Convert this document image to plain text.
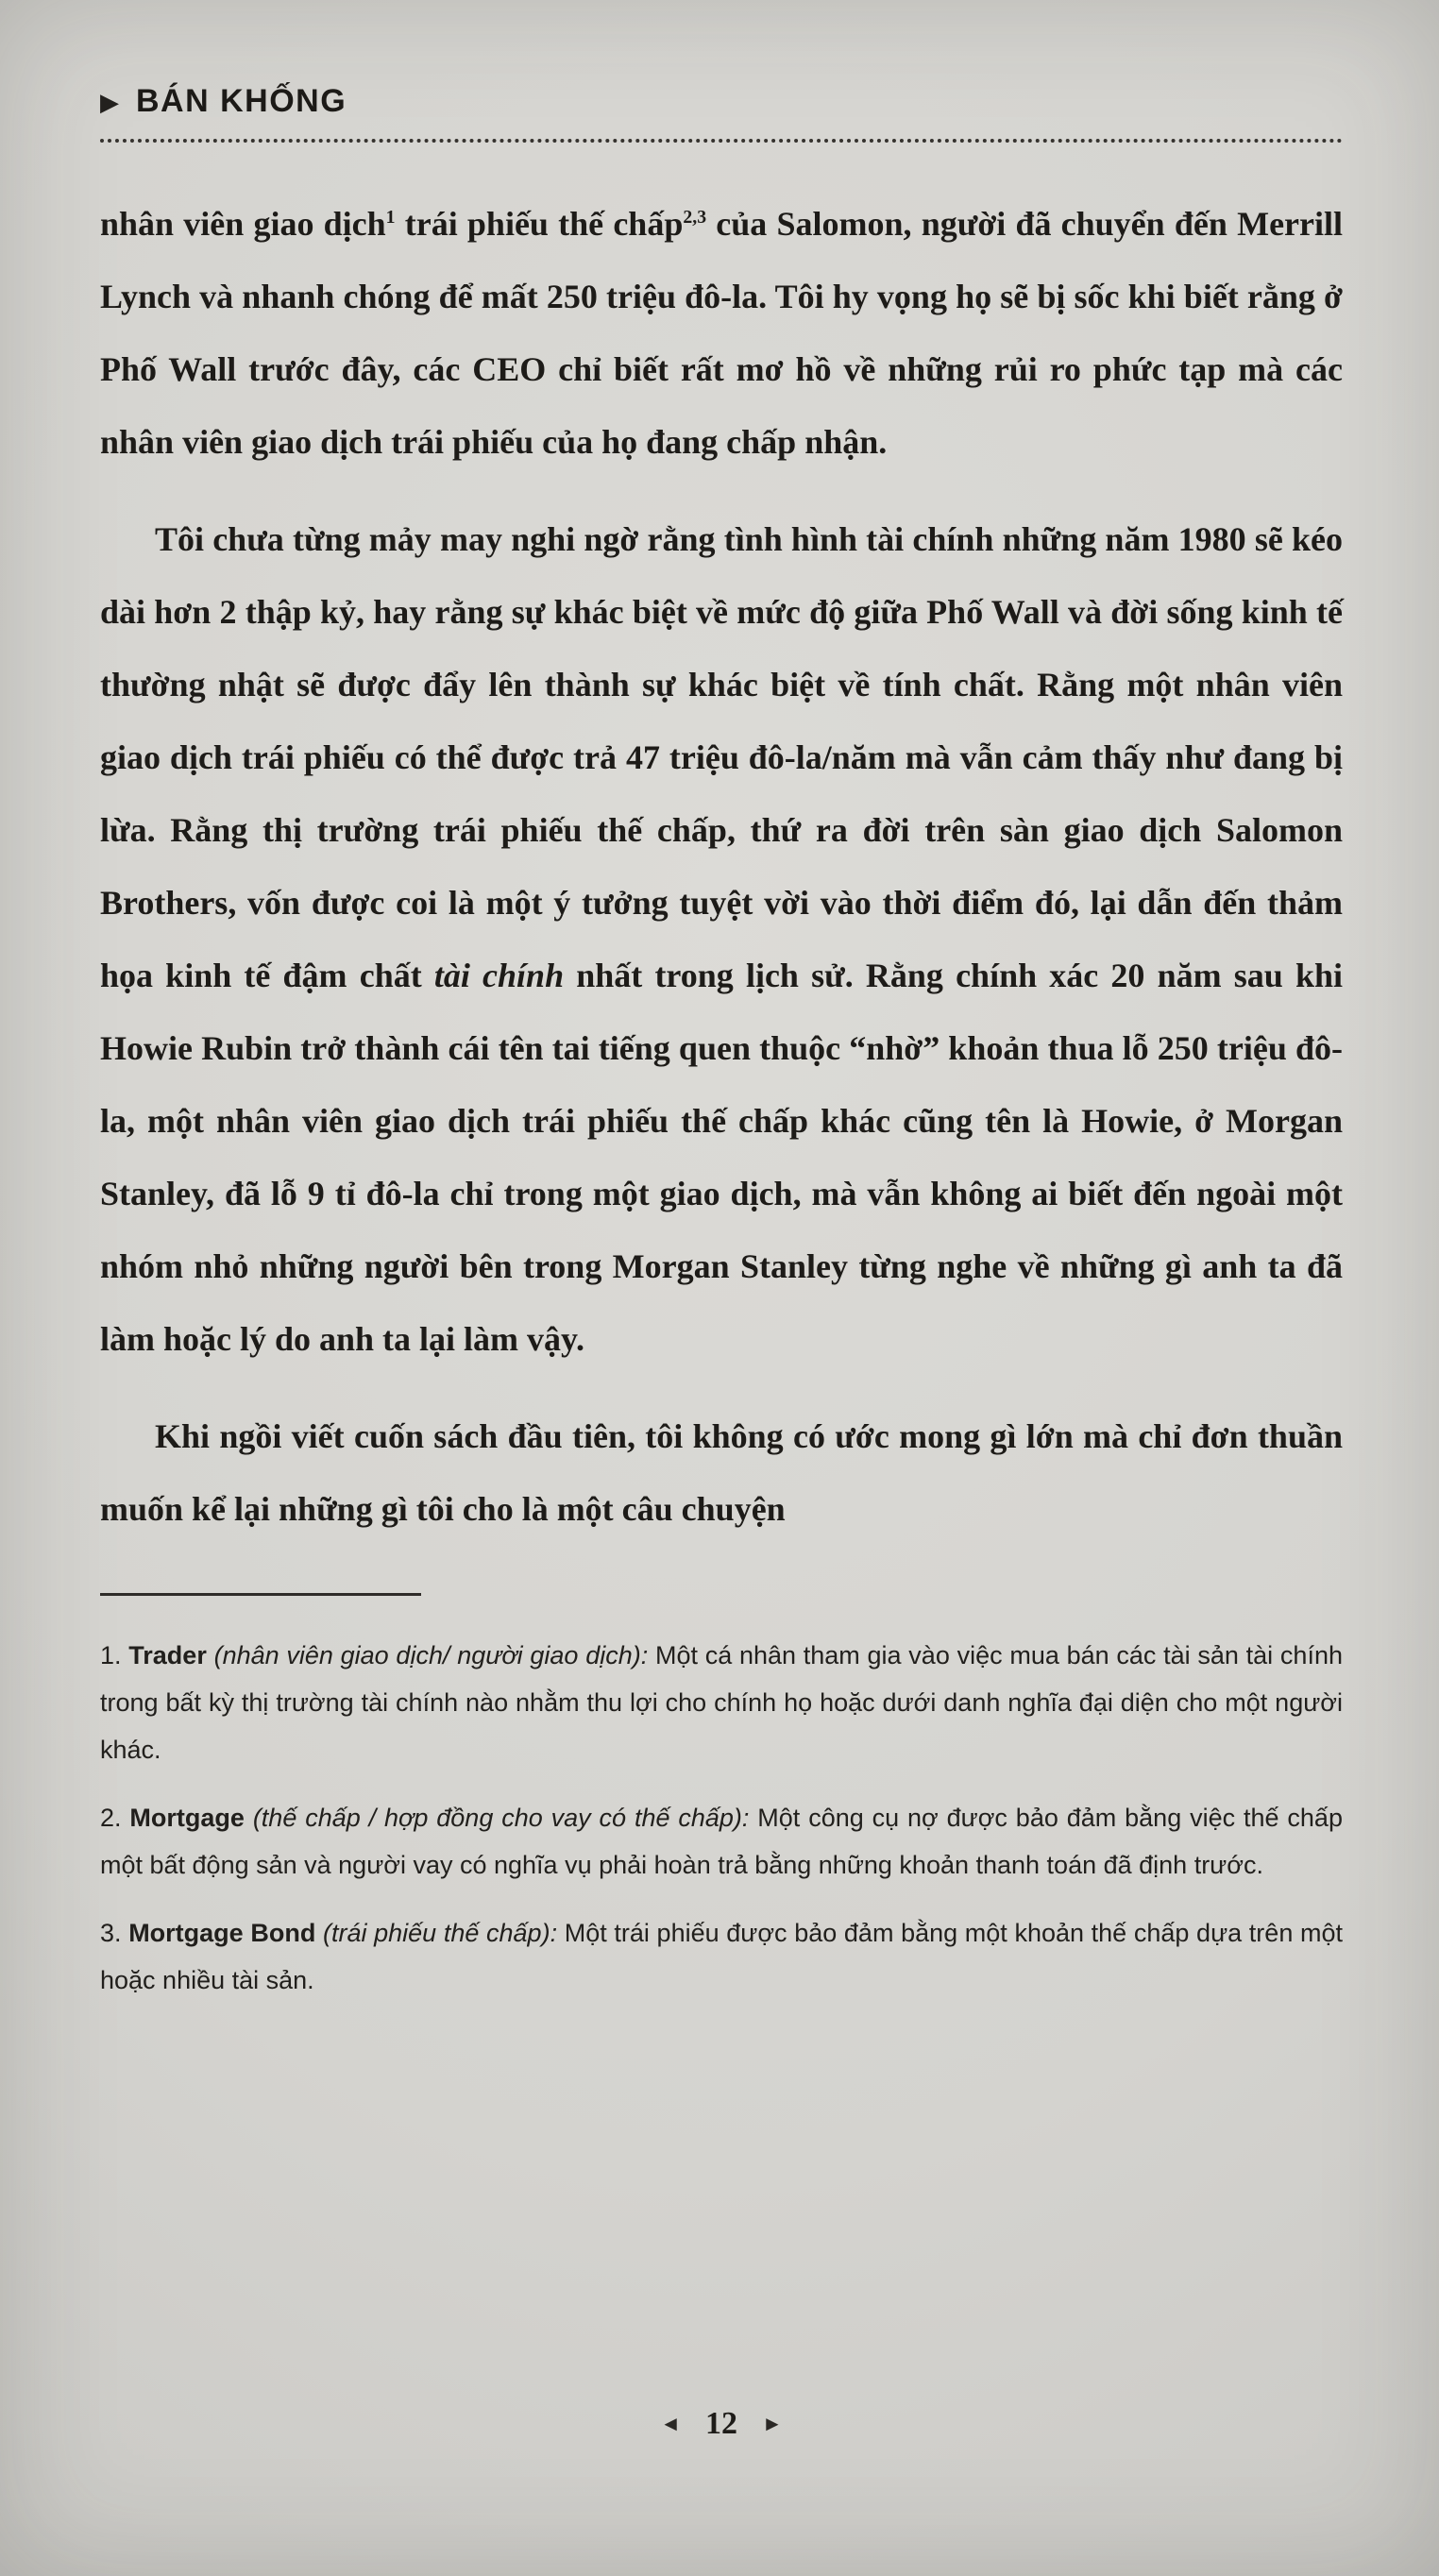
▶ BÁN KHỐNG

nhân viên giao dịch$^1$ trái phiếu thế chấp$^{2,3}$ của Salomon, người đã chuyển đến Merrill Lynch và nhanh chóng để mất 250 triệu đô-la. Tôi hy vọng họ sẽ bị sốc khi biết rằng ở Phố Wall trước đây, các CEO chỉ biết rất mơ hồ về những rủi ro phức tạp mà các nhân viên giao dịch trái phiếu của họ đang chấp nhận.

Tôi chưa từng mảy may nghi ngờ rằng tình hình tài chính những năm 1980 sẽ kéo dài hơn 2 thập kỷ, hay rằng sự khác biệt về mức độ giữa Phố Wall và đời sống kinh tế thường nhật sẽ được đẩy lên thành sự khác biệt về tính chất. Rằng một nhân viên giao dịch trái phiếu có thể được trả 47 triệu đô-la/năm mà vẫn cảm thấy như đang bị lừa. Rằng thị trường trái phiếu thế chấp, thứ ra đời trên sàn giao dịch Salomon Brothers, vốn được coi là một ý tưởng tuyệt vời vào thời điểm đó, lại dẫn đến thảm họa kinh tế đậm chất tài chính nhất trong lịch sử. Rằng chính xác 20 năm sau khi Howie Rubin trở thành cái tên tai tiếng quen thuộc “nhờ” khoản thua lỗ 250 triệu đô-la, một nhân viên giao dịch trái phiếu thế chấp khác cũng tên là Howie, ở Morgan Stanley, đã lỗ 9 tỉ đô-la chỉ trong một giao dịch, mà vẫn không ai biết đến ngoài một nhóm nhỏ những người bên trong Morgan Stanley từng nghe về những gì anh ta đã làm hoặc lý do anh ta lại làm vậy.

Khi ngồi viết cuốn sách đầu tiên, tôi không có ước mong gì lớn mà chỉ đơn thuần muốn kể lại những gì tôi cho là một câu chuyện

1. Trader (nhân viên giao dịch/ người giao dịch): Một cá nhân tham gia vào việc mua bán các tài sản tài chính trong bất kỳ thị trường tài chính nào nhằm thu lợi cho chính họ hoặc dưới danh nghĩa đại diện cho một người khác.

2. Mortgage (thế chấp / hợp đồng cho vay có thế chấp): Một công cụ nợ được bảo đảm bằng việc thế chấp một bất động sản và người vay có nghĩa vụ phải hoàn trả bằng những khoản thanh toán đã định trước.

3. Mortgage Bond (trái phiếu thế chấp): Một trái phiếu được bảo đảm bằng một khoản thế chấp dựa trên một hoặc nhiều tài sản.

◄ 12 ►
